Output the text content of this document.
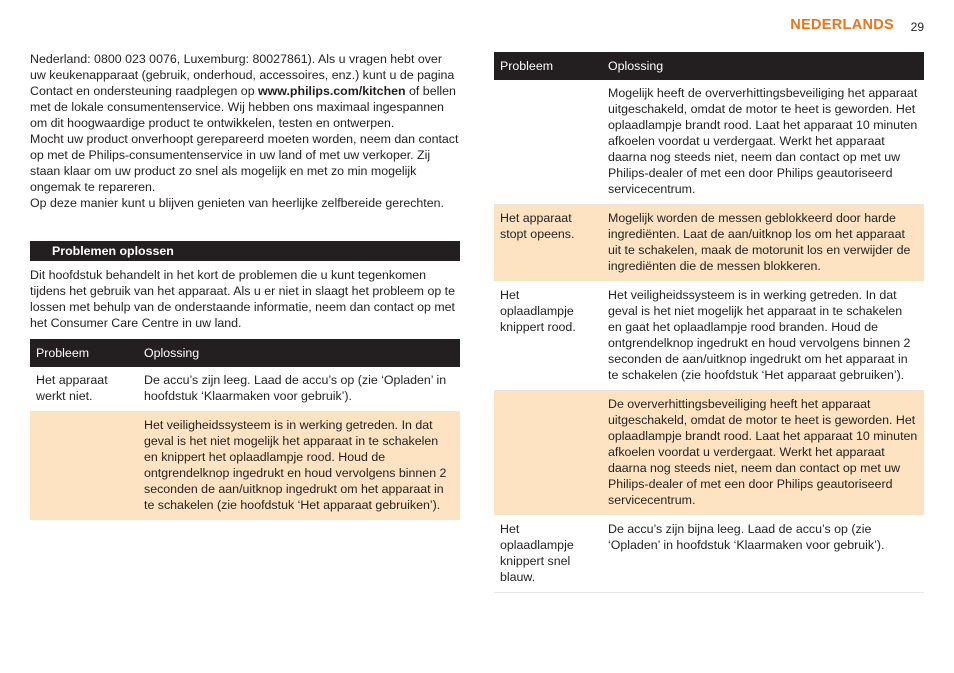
NEDERLANDS 29

Nederland: 0800 023 0076, Luxemburg: 80027861). Als u vragen hebt over uw keukenapparaat (gebruik, onderhoud, accessoires, enz.) kunt u de pagina Contact en ondersteuning raadplegen op www.philips.com/kitchen of bellen met de lokale consumentenservice. Wij hebben ons maximaal ingespannen om dit hoogwaardige product te ontwikkelen, testen en ontwerpen.

Mocht uw product onverhoopt gerepareerd moeten worden, neem dan contact op met de Philips-consumentenservice in uw land of met uw verkoper. Zij staan klaar om uw product zo snel als mogelijk en met zo min mogelijk ongemak te repareren.

Op deze manier kunt u blijven genieten van heerlijke zelfbereide gerechten.

Problemen oplossen

Dit hoofdstuk behandelt in het kort de problemen die u kunt tegenkomen tijdens het gebruik van het apparaat. Als u er niet in slaagt het probleem op te lossen met behulp van de onderstaande informatie, neem dan contact op met het Consumer Care Centre in uw land.

Probleem	Oplossing
Het apparaat werkt niet.	De accu’s zijn leeg. Laad de accu’s op (zie ‘Opladen’ in hoofdstuk ‘Klaarmaken voor gebruik’).
	Het veiligheidssysteem is in werking getreden. In dat geval is het niet mogelijk het apparaat in te schakelen en knippert het oplaadlampje rood. Houd de ontgrendelknop ingedrukt en houd vervolgens binnen 2 seconden de aan/uitknop ingedrukt om het apparaat in te schakelen (zie hoofdstuk ‘Het apparaat gebruiken’).
Probleem	Oplossing
	Mogelijk heeft de oververhittingsbeveiliging het apparaat uitgeschakeld, omdat de motor te heet is geworden. Het oplaadlampje brandt rood. Laat het apparaat 10 minuten afkoelen voordat u verdergaat. Werkt het apparaat daarna nog steeds niet, neem dan contact op met uw Philips-dealer of met een door Philips geautoriseerd servicecentrum.
Het apparaat stopt opeens.	Mogelijk worden de messen geblokkeerd door harde ingrediënten. Laat de aan/uitknop los om het apparaat uit te schakelen, maak de motorunit los en verwijder de ingrediënten die de messen blokkeren.
Het oplaadlampje knippert rood.	Het veiligheidssysteem is in werking getreden. In dat geval is het niet mogelijk het apparaat in te schakelen en gaat het oplaadlampje rood branden. Houd de ontgrendelknop ingedrukt en houd vervolgens binnen 2 seconden de aan/uitknop ingedrukt om het apparaat in te schakelen (zie hoofdstuk ‘Het apparaat gebruiken’).
	De oververhittingsbeveiliging heeft het apparaat uitgeschakeld, omdat de motor te heet is geworden. Het oplaadlampje brandt rood. Laat het apparaat 10 minuten afkoelen voordat u verdergaat. Werkt het apparaat daarna nog steeds niet, neem dan contact op met uw Philips-dealer of met een door Philips geautoriseerd servicecentrum.
Het oplaadlampje knippert snel blauw.	De accu’s zijn bijna leeg. Laad de accu’s op (zie ‘Opladen’ in hoofdstuk ‘Klaarmaken voor gebruik’).
